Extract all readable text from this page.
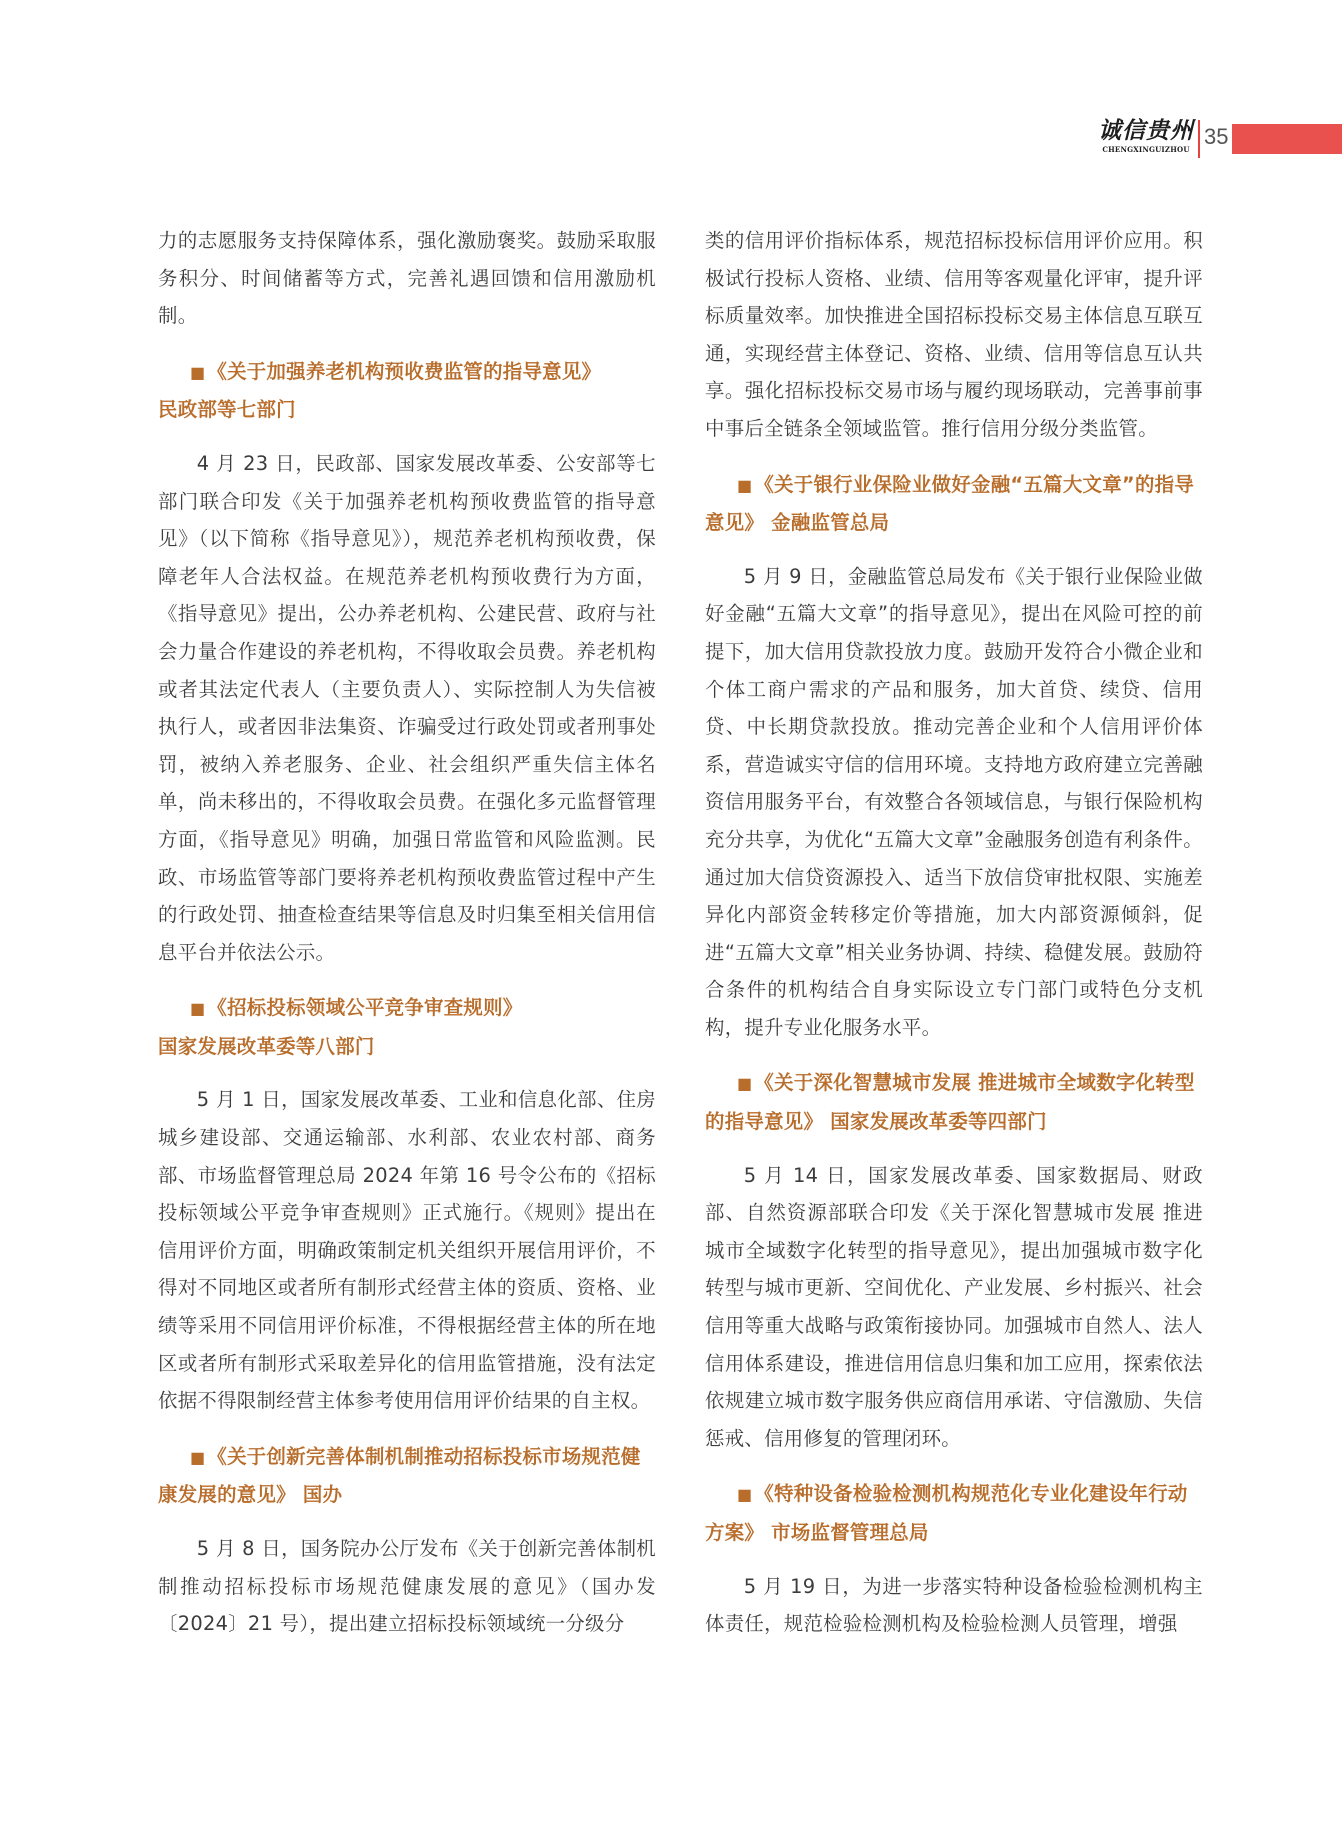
诚信贵州
CHENGXINGUIZHOU
35

力的志愿服务支持保障体系，强化激励褒奖。鼓励采取服务积分、时间储蓄等方式，完善礼遇回馈和信用激励机制。

■ 《关于加强养老机构预收费监管的指导意见》
民政部等七部门

4 月 23 日，民政部、国家发展改革委、公安部等七部门联合印发《关于加强养老机构预收费监管的指导意见》（以下简称《指导意见》），规范养老机构预收费，保障老年人合法权益。在规范养老机构预收费行为方面，《指导意见》提出，公办养老机构、公建民营、政府与社会力量合作建设的养老机构，不得收取会员费。养老机构或者其法定代表人（主要负责人）、实际控制人为失信被执行人，或者因非法集资、诈骗受过行政处罚或者刑事处罚，被纳入养老服务、企业、社会组织严重失信主体名单，尚未移出的，不得收取会员费。在强化多元监督管理方面，《指导意见》明确，加强日常监管和风险监测。民政、市场监管等部门要将养老机构预收费监管过程中产生的行政处罚、抽查检查结果等信息及时归集至相关信用信息平台并依法公示。

■ 《招标投标领域公平竞争审查规则》
国家发展改革委等八部门

5 月 1 日，国家发展改革委、工业和信息化部、住房城乡建设部、交通运输部、水利部、农业农村部、商务部、市场监督管理总局 2024 年第 16 号令公布的《招标投标领域公平竞争审查规则》正式施行。《规则》提出在信用评价方面，明确政策制定机关组织开展信用评价，不得对不同地区或者所有制形式经营主体的资质、资格、业绩等采用不同信用评价标准，不得根据经营主体的所在地区或者所有制形式采取差异化的信用监管措施，没有法定依据不得限制经营主体参考使用信用评价结果的自主权。

■ 《关于创新完善体制机制推动招标投标市场规范健康发展的意见》 国办

5 月 8 日，国务院办公厅发布《关于创新完善体制机制推动招标投标市场规范健康发展的意见》（国办发〔2024〕21 号），提出建立招标投标领域统一分级分

类的信用评价指标体系，规范招标投标信用评价应用。积极试行投标人资格、业绩、信用等客观量化评审，提升评标质量效率。加快推进全国招标投标交易主体信息互联互通，实现经营主体登记、资格、业绩、信用等信息互认共享。强化招标投标交易市场与履约现场联动，完善事前事中事后全链条全领域监管。推行信用分级分类监管。

■ 《关于银行业保险业做好金融“五篇大文章”的指导意见》 金融监管总局

5 月 9 日，金融监管总局发布《关于银行业保险业做好金融“五篇大文章”的指导意见》，提出在风险可控的前提下，加大信用贷款投放力度。鼓励开发符合小微企业和个体工商户需求的产品和服务，加大首贷、续贷、信用贷、中长期贷款投放。推动完善企业和个人信用评价体系，营造诚实守信的信用环境。支持地方政府建立完善融资信用服务平台，有效整合各领域信息，与银行保险机构充分共享，为优化“五篇大文章”金融服务创造有利条件。通过加大信贷资源投入、适当下放信贷审批权限、实施差异化内部资金转移定价等措施，加大内部资源倾斜，促进“五篇大文章”相关业务协调、持续、稳健发展。鼓励符合条件的机构结合自身实际设立专门部门或特色分支机构，提升专业化服务水平。

■ 《关于深化智慧城市发展 推进城市全域数字化转型的指导意见》 国家发展改革委等四部门

5 月 14 日，国家发展改革委、国家数据局、财政部、自然资源部联合印发《关于深化智慧城市发展 推进城市全域数字化转型的指导意见》，提出加强城市数字化转型与城市更新、空间优化、产业发展、乡村振兴、社会信用等重大战略与政策衔接协同。加强城市自然人、法人信用体系建设，推进信用信息归集和加工应用，探索依法依规建立城市数字服务供应商信用承诺、守信激励、失信惩戒、信用修复的管理闭环。

■ 《特种设备检验检测机构规范化专业化建设年行动方案》 市场监督管理总局

5 月 19 日，为进一步落实特种设备检验检测机构主体责任，规范检验检测机构及检验检测人员管理，增强
